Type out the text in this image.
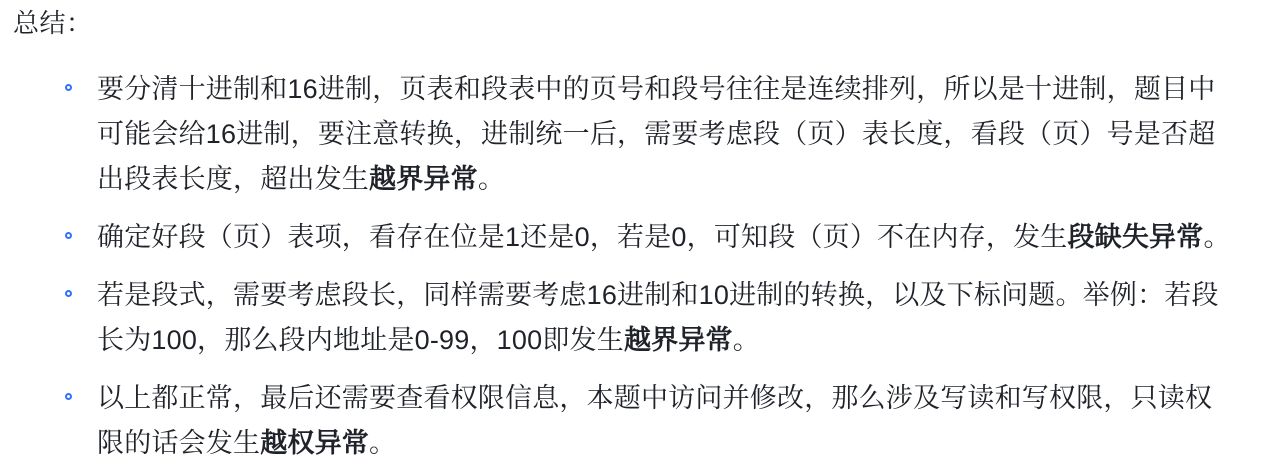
总结：
要分清十进制和16进制，页表和段表中的页号和段号往往是连续排列，所以是十进制，题目中
可能会给16进制，要注意转换，进制统一后，需要考虑段（页）表长度，看段（页）号是否超
出段表长度，超出发生越界异常。
确定好段（页）表项，看存在位是1还是0，若是0，可知段（页）不在内存，发生段缺失异常。
若是段式，需要考虑段长，同样需要考虑16进制和10进制的转换，以及下标问题。举例：若段
长为100，那么段内地址是0-99，100即发生越界异常。
以上都正常，最后还需要查看权限信息，本题中访问并修改，那么涉及写读和写权限，只读权
限的话会发生越权异常。
